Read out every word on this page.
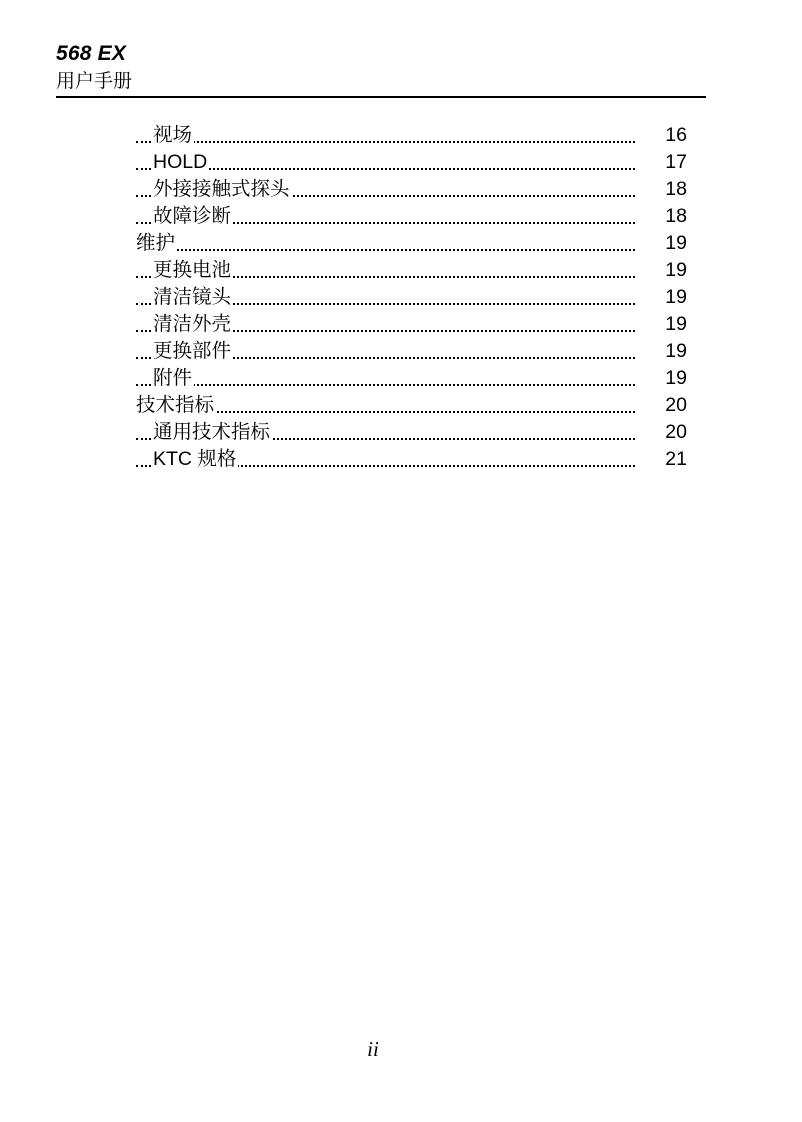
568 EX
用户手册
视场	16
HOLD	17
外接接触式探头	18
故障诊断	18
维护	19
更换电池	19
清洁镜头	19
清洁外壳	19
更换部件	19
附件	19
技术指标	20
通用技术指标	20
KTC 规格	21
ii
